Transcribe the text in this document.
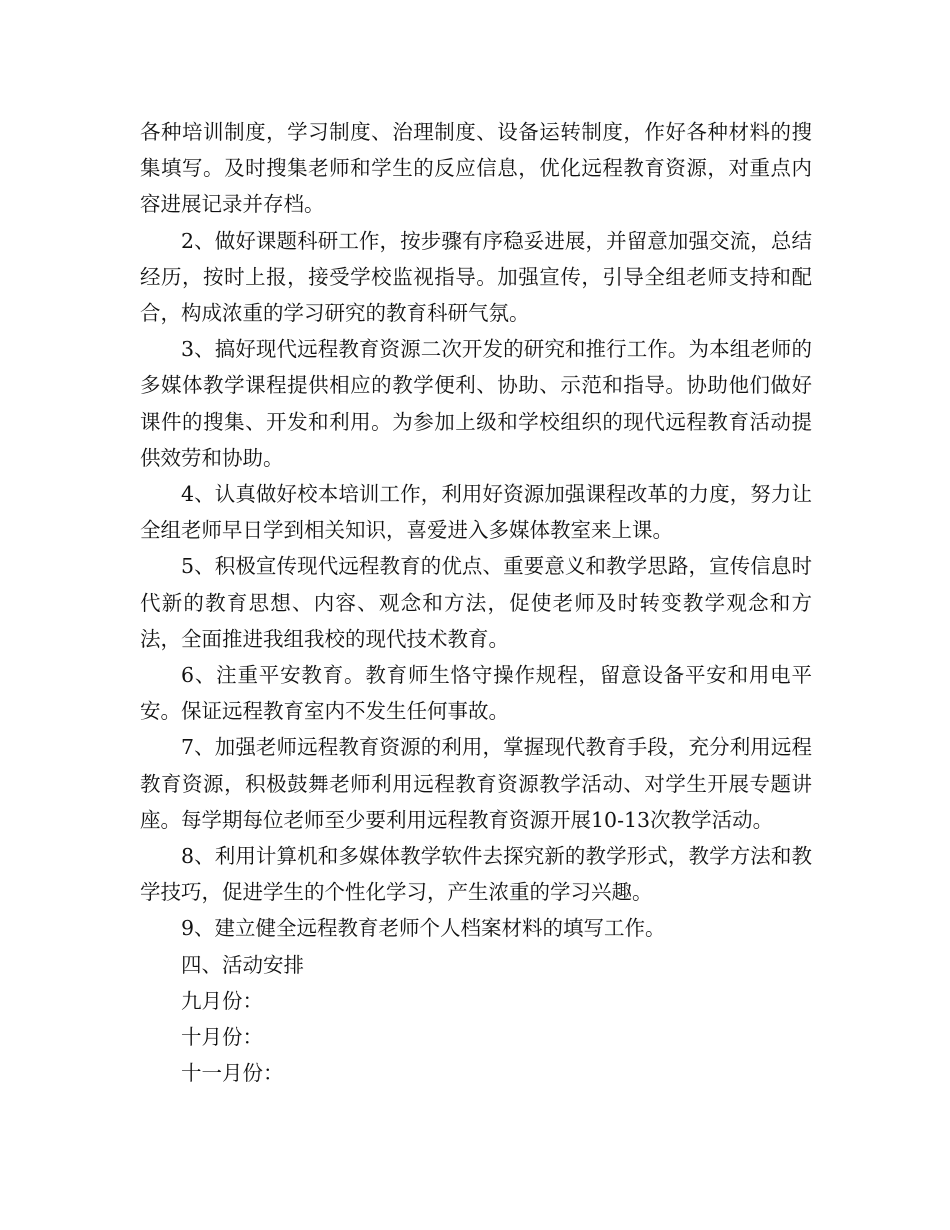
各种培训制度，学习制度、治理制度、设备运转制度，作好各种材料的搜集填写。及时搜集老师和学生的反应信息，优化远程教育资源，对重点内容进展记录并存档。

2、做好课题科研工作，按步骤有序稳妥进展，并留意加强交流，总结经历，按时上报，接受学校监视指导。加强宣传，引导全组老师支持和配合，构成浓重的学习研究的教育科研气氛。

3、搞好现代远程教育资源二次开发的研究和推行工作。为本组老师的多媒体教学课程提供相应的教学便利、协助、示范和指导。协助他们做好课件的搜集、开发和利用。为参加上级和学校组织的现代远程教育活动提供效劳和协助。

4、认真做好校本培训工作，利用好资源加强课程改革的力度，努力让全组老师早日学到相关知识，喜爱进入多媒体教室来上课。

5、积极宣传现代远程教育的优点、重要意义和教学思路，宣传信息时代新的教育思想、内容、观念和方法，促使老师及时转变教学观念和方法，全面推进我组我校的现代技术教育。

6、注重平安教育。教育师生恪守操作规程，留意设备平安和用电平安。保证远程教育室内不发生任何事故。

7、加强老师远程教育资源的利用，掌握现代教育手段，充分利用远程教育资源，积极鼓舞老师利用远程教育资源教学活动、对学生开展专题讲座。每学期每位老师至少要利用远程教育资源开展10-13次教学活动。

8、利用计算机和多媒体教学软件去探究新的教学形式，教学方法和教学技巧，促进学生的个性化学习，产生浓重的学习兴趣。

9、建立健全远程教育老师个人档案材料的填写工作。

四、活动安排

九月份：

十月份：

十一月份：
